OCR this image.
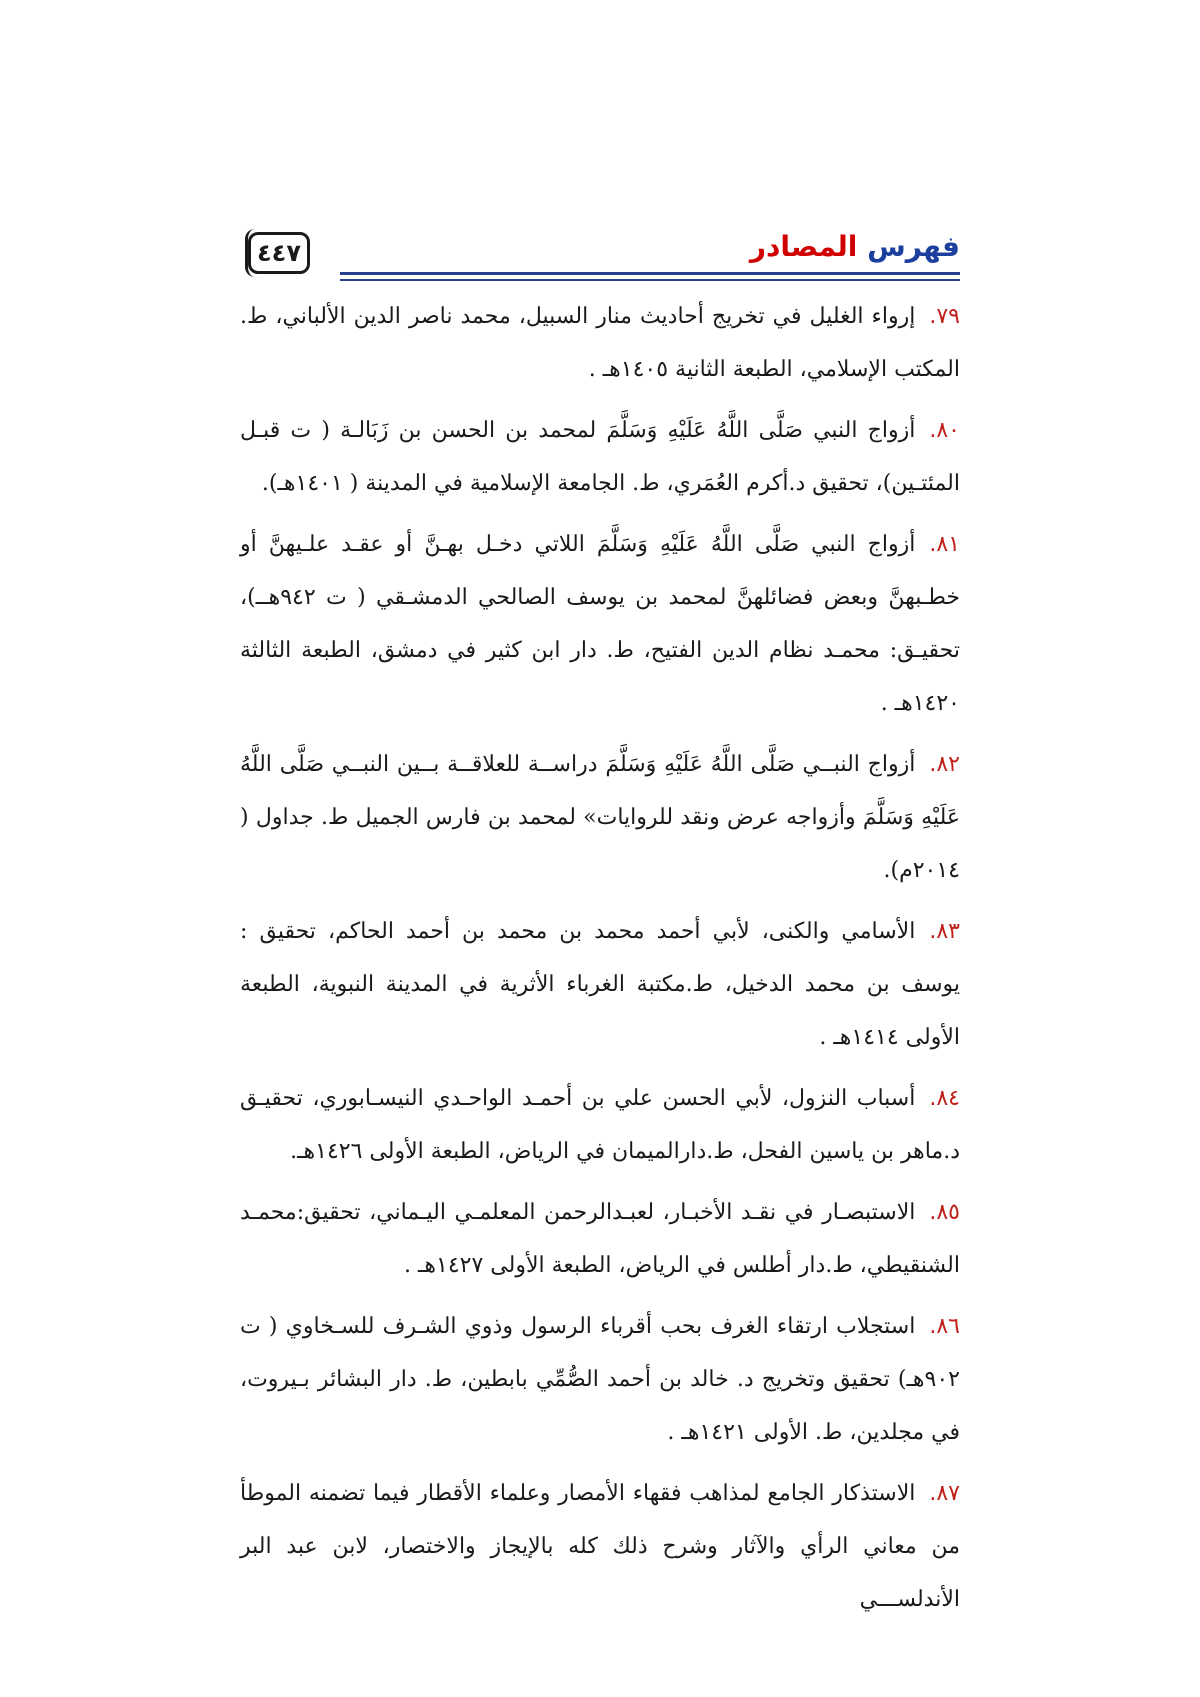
٤٤٧	فهرس المصادر

٧٩.إرواء الغليل في تخريج أحاديث منار السبيل، محمد ناصر الدين الألباني، ط. المكتب الإسلامي، الطبعة الثانية ١٤٠٥هـ .

٨٠.أزواج النبي صَلَّى اللَّهُ عَلَيْهِ وَسَلَّمَ لمحمد بن الحسن بن زَبَالـة ( ت قبـل المئتـين)، تحقيق د.أكرم العُمَري، ط. الجامعة الإسلامية في المدينة ( ١٤٠١هـ).

٨١.أزواج النبي صَلَّى اللَّهُ عَلَيْهِ وَسَلَّمَ اللاتي دخـل بهـنَّ أو عقـد علـيهنَّ أو خطـبهنَّ وبعض فضائلهنَّ لمحمد بن يوسف الصالحي الدمشـقي ( ت ٩٤٢هــ)، تحقيـق: محمـد نظام الدين الفتيح، ط. دار ابن كثير في دمشق، الطبعة الثالثة ١٤٢٠هـ .

٨٢.أزواج النبــي صَلَّى اللَّهُ عَلَيْهِ وَسَلَّمَ دراســة للعلاقــة بــين النبــي صَلَّى اللَّهُ عَلَيْهِ وَسَلَّمَ وأزواجه عرض ونقد للروايات» لمحمد بن فارس الجميل ط. جداول ( ٢٠١٤م).

٨٣.الأسامي والكنى، لأبي أحمد محمد بن محمد بن أحمد الحاكم، تحقيق : يوسف بن محمد الدخيل، ط.مكتبة الغرباء الأثرية في المدينة النبوية، الطبعة الأولى ١٤١٤هـ .

٨٤.أسباب النزول، لأبي الحسن علي بن أحمـد الواحـدي النيسـابوري، تحقيـق د.ماهر بن ياسين الفحل، ط.دارالميمان في الرياض، الطبعة الأولى ١٤٢٦هـ.

٨٥.الاستبصـار في نقـد الأخبـار، لعبـدالرحمن المعلمـي اليـماني، تحقيق:محمـد الشنقيطي، ط.دار أطلس في الرياض، الطبعة الأولى ١٤٢٧هـ .

٨٦.استجلاب ارتقاء الغرف بحب أقرباء الرسول وذوي الشـرف للسـخاوي ( ت ٩٠٢هـ) تحقيق وتخريج د. خالد بن أحمد الصُّمِّي بابطين، ط. دار البشائر بـيروت، في مجلدين، ط. الأولى ١٤٢١هـ .

٨٧.الاستذكار الجامع لمذاهب فقهاء الأمصار وعلماء الأقطار فيما تضمنه الموطأ من معاني الرأي والآثار وشرح ذلك كله بالإيجاز والاختصار، لابن عبد البر الأندلســـي
